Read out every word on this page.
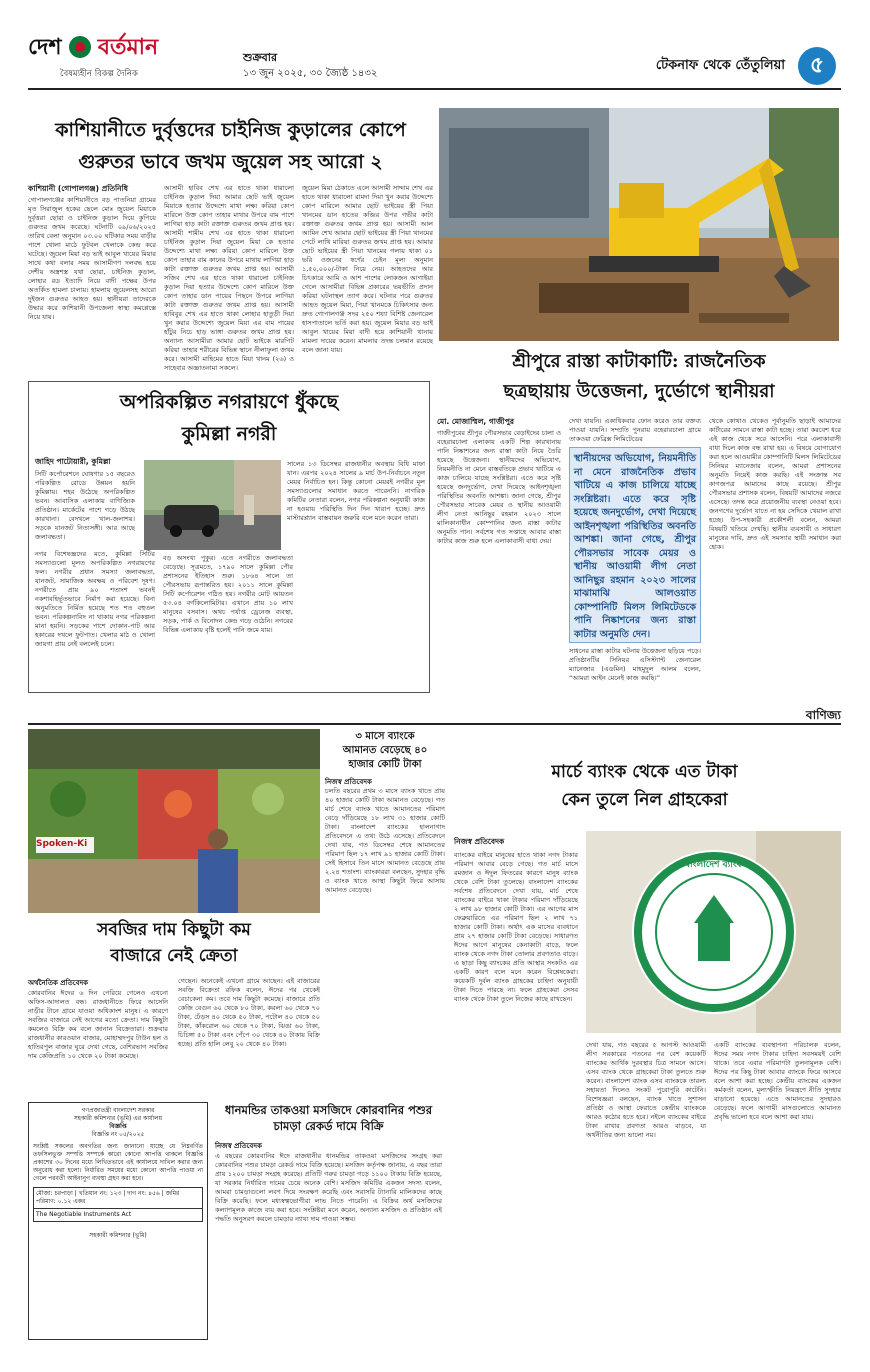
দেশ বর্তমান
বৈষম্যহীন বিকল্প দৈনিক
শুক্রবার
১৩ জুন ২০২৫, ৩০ জ্যৈষ্ঠ ১৪৩২
টেকনাফ থেকে তেঁতুলিয়া	৫
কাশিয়ানীতে দুর্বৃত্তদের চাইনিজ কুড়ালের কোপে
গুরুতর ভাবে জখম জুয়েল সহ আরো ২
কাশিয়ানী (গোপালগঞ্জ) প্রতিনিধি
গোপালগঞ্জের কাশিয়ানীতে বড় পাতনিয়া গ্রামের মৃত সিরাজুল হকের ছেলে মোঃ জুয়েল মিয়াকে দুর্বৃত্তরা ছোরা ও চাইনিজ কুড়াল দিয়ে কুপিয়ে গুরুতর জখম করেছে। ঘটনাটি ০৯/০৬/২০২৫ তারিখ বেলা অনুমান ০৩.০০ ঘটিকার সময় বাড়ীর পাশে খোলা মাঠে ফুটবল খেলাকে কেন্দ্র করে ঘটেছে। জুয়েল মিয়া বড় ভাই আবুল খায়ের মিয়ার সাথে কথা বলার সময় আসামীগণ দলবদ্ধ হয়ে দেশীয় অস্ত্রশস্ত্র যথা ছোরা, চাইনিজ কুড়াল, লোহার রড ইত্যাদি নিয়ে বাদী পক্ষের উপর অতর্কিত হামলা চালায়। হামলায় জুয়েলসহ আরো দুইজন গুরুতর আহত হয়। স্থানীয়রা তাদেরকে উদ্ধার করে কাশিয়ানী উপজেলা স্বাস্থ্য কমপ্লেক্সে নিয়ে যায়।
আসামী হাবিব শেখ এর হাতে থাকা ধারালো চাইনিজ কুড়াল দিয়া আমার ছোট ভাই জুয়েল মিয়াকে হত্যার উদ্দেশ্যে মাথা লক্ষ্য করিয়া কোপ মারিলে উক্ত কোপ তাহার মাথার উপরে বাম পাশে লাগিয়া হাড় কাটা রক্তাক্ত গুরুতর জখম প্রাপ্ত হয়। আসামী শামীম শেখ এর হাতে থাকা ধারালো চাইনিজ কুড়াল দিয়া জুয়েল মিয়া কে হত্যার উদ্দেশ্যে মাথা লক্ষ্য করিয়া কোপ মারিলে উক্ত কোপ তাহার বাম কানের উপরে মাথায় লাগিয়া হাড় কাটা রক্তাক্ত গুরুতর জখম প্রাপ্ত হয়। আসামী সজিব শেখ এর হাতে থাকা ধারালো চাইনিজ কুড়াল দিয়া হত্যার উদ্দেশ্যে কোপ মারিলে উক্ত কোপ তাহার ডান পায়ের পিছনে উপরে লাগিয়া কাটা রক্তাক্ত গুরুতর জখম প্রাপ্ত হয়। আসামী হাবিবুর শেখ এর হাতে থাকা লোহার হাতুড়ী দিয়া খুন করার উদ্দেশ্যে জুয়েল মিয়া এর বাম পায়ের হাঁটুর নিচে হাড় ভাঙ্গা গুরুতর জখম প্রাপ্ত হয়। অন্যান্য আসামীরা আমার ছোট ভাইকে মারপিট করিয়া তাহার শরীরের বিভিন্ন স্থানে নীলাফুলা জখম করে। আসামী মাহিমের হাতে মিয়া খানম (২৬) ও সাহেবার অজ্ঞাতনামা সকলে।
জুয়েল মিয়া ঠেকাতে এলে আসামী সাদ্দাম শেখ এর হাতে থাকা ধারালো রামদা দিয়া খুন করার উদ্দেশ্যে কোপ মারিলে আমার ছোট ভাইয়ের স্ত্রী পিয়া খানমের ডান হাতের কব্জির উপর গভীর কাটা রক্তাক্ত গুরুতর জখম প্রাপ্ত হয়। আসামী আল আমিন শেখ আমার ছোট ভাইয়ের স্ত্রী পিয়া খানমের পেটে লাথি মারিয়া গুরুতর জখম প্রাপ্ত হয়। আমার ছোট ভাইয়ের স্ত্রী পিয়া খানমের গলায় থাকা ০১ ভরি ওজনের স্বর্ণের চেইন মূল্য অনুমান ১,৫০,০০০/-টাকা নিয়ে নেয়। আহতদের আর চিৎকারে আমি ও আশ পাশের লোকজন আগাইয়া গেলে আসামীরা বিভিন্ন প্রকারের ভয়ভীতি প্রদান করিয়া ঘটনাস্থল ত্যাগ করে। ঘটনার পরে গুরুতর আহত জুয়েল মিয়া, পিয়া খানমকে চিকিৎসার জন্য দ্রুত গোপালগঞ্জ সদর ২৫০ শয্যা বিশিষ্ট জেনারেল হাসপাতালে ভর্তি করা হয়। জুয়েল মিয়ার বড় ভাই আবুল খায়ের মিয়া বাদী হয়ে কাশিয়ানী থানায় মামলা দায়ের করেন। মামলার তদন্ত চলমান রয়েছে বলে জানা যায়।
শ্রীপুরে রাস্তা কাটাকাটি: রাজনৈতিক
ছত্রছায়ায় উত্তেজনা, দুর্ভোগে স্থানীয়রা
মো. মোজাম্মিল, গাজীপুর
গাজীপুরের শ্রীপুর পৌরসভার বেড়াইদের চালা ও বহেরারচালা এলাকায় একটি শিল্প কারখানায় পানি নিষ্কাশনের জন্য রাস্তা কাটা নিয়ে তৈরি হয়েছে উত্তেজনা। স্থানীয়দের অভিযোগ, নিয়মনীতি না মেনে বাস্তবতিকে প্রভাব খাটিয়ে এ কাজ চালিয়ে যাচ্ছে সংশ্লিষ্টরা। এতে করে সৃষ্টি হয়েছে জনদুর্ভোগ, দেখা দিয়েছে আইনশৃঙ্খলা পরিস্থিতির অবনতি আশঙ্কা। জানা গেছে, শ্রীপুর পৌরসভার সাবেক মেয়র ও স্থানীয় আওয়ামী লীগ নেতা আনিছুর রহমান ২০২৩ সালে মালিকানাধীন কোম্পানির জন্য রাস্তা কাটার অনুমতি পান। সর্বশেষ গত সপ্তাহে আবার রাস্তা কাটার কাজ শুরু হলে এলাকাবাসী বাধা দেয়।
দেখা যায়নি। একাধিকবার ফোন করেও তার বক্তব্য পাওয়া যায়নি। সম্প্রতি পুনরায় বহেরারচালা গ্রামে তাকওয়া ফেব্রিক্স লিমিটেডের
স্থানীয়দের অভিযোগ, নিয়মনীতি না মেনে রাজনৈতিক প্রভাব খাটিয়ে এ কাজ চালিয়ে যাচ্ছে সংশ্লিষ্টরা। এতে করে সৃষ্টি হয়েছে জনদুর্ভোগ, দেখা দিয়েছে আইনশৃঙ্খলা পরিস্থিতির অবনতি আশঙ্কা। জানা গেছে, শ্রীপুর পৌরসভার সাবেক মেয়র ও স্থানীয় আওয়ামী লীগ নেতা আনিছুর রহমান ২০২৩ সালের মাঝামাঝি আলওয়াত কোম্পানিটি মিলস লিমিটেডকে পানি নিষ্কাশনের জন্য রাস্তা কাটার অনুমতি দেন।
সাধনের রাস্তা কাটার ঘটনায় উত্তেজনা ছড়িয়ে পড়ে। প্রতিষ্ঠানটির সিনিয়র এসিস্ট্যান্ট জেনারেল ম্যানেজার (এডমিন) মাহমুদুল আলম বলেন, “আমরা আইন মেনেই কাজ করছি।”
থেকে কোথাও থেকেও পূর্বানুমতি ছাড়াই আমাদের কার্টারের সামনে রাস্তা কাটা হচ্ছে। তারা করবেশ ধরে এই কাজ থেকে সরে আসেনি। পরে এলাকাবাসী বাধা দিলে কাজ বন্ধ রাখা হয়। এ বিষয়ে যোগাযোগ করা হলে আওয়ামীর কোম্পানিটি মিলস লিমিটেডের সিনিয়র ম্যানেজার বলেন, আমরা প্রশাসনের অনুমতি নিয়েই কাজ করছি। এই সংক্রান্ত সব কাগজপত্র আমাদের কাছে রয়েছে। শ্রীপুর পৌরসভার প্রশাসক বলেন, বিষয়টি আমাদের নজরে এসেছে। তদন্ত করে প্রয়োজনীয় ব্যবস্থা নেওয়া হবে। জনগণের দুর্ভোগ যাতে না হয় সেদিকে খেয়াল রাখা হচ্ছে। উপ-সহকারী প্রকৌশলী বলেন, আমরা বিষয়টি খতিয়ে দেখছি। স্থানীয় ব্যবসায়ী ও সাধারণ মানুষের দাবি, দ্রুত এই সমস্যার স্থায়ী সমাধান করা হোক।
অপরিকল্পিত নগরায়ণে ধুঁকছে
কুমিল্লা নগরী
জাহিদ পাটোয়ারী, কুমিল্লা
সিটি কর্পোরেশনে ঘোষণার ১৫ বছরেও পরিকল্পিত রোডে উন্নয়ন হয়নি কুমিল্লায়। শহর উঠেছে অপরিকল্পিত ভবন। আবাসিক এলাকায় বাণিজ্যিক প্রতিষ্ঠান। মার্কেটের পাশে গড়ে উঠছে কারখানা। বেদখলে খাল-জলাশয়। সড়কে যানজট নিত্যসঙ্গী। আর আছে জলাবদ্ধতা।
নগর বিশেষজ্ঞদের মতে, কুমিল্লা সিটির সমস্যাগুলো মূলত অপরিকল্পিত নগরায়ণের ফল। নগরীর প্রধান সমস্যা জলাবদ্ধতা, যানজট, সামাজিক অবক্ষয় ও পরিবেশ দূষণ। নগরীতে প্রায় ৯০ শতাংশ ভবনই নকশাবহির্ভূতভাবে নির্মাণ করা হয়েছে। বিনা অনুমতিতে নির্মিত হয়েছে শত শত বহুতল ভবন। পরিকল্পনাবিদ না থাকায় নগর পরিকল্পনা মানা হয়নি। সড়কের পাশে দোকান-পাট আর হকারের দখলে ফুটপাত। খেলার মাঠ ও খোলা জায়গা প্রায় নেই বললেই চলে।
বড় অসংখ্য পুকুর। এতে নগরীতে জলাবদ্ধতা বেড়েছে। সূত্রমতে, ১৭৯০ সালে কুমিল্লা পৌর প্রশাসনের ইতিহাস শুরু। ১৮৬৪ সালে তা পৌরসভায় রূপান্তরিত হয়। ২০১১ সালে কুমিল্লা সিটি কর্পোরেশন গঠিত হয়। নগরীর মোট আয়তন ৫৩.০৪ বর্গকিলোমিটার। এখানে প্রায় ১০ লাখ মানুষের বসবাস। অথচ পর্যাপ্ত ড্রেনেজ ব্যবস্থা, সড়ক, পার্ক ও বিনোদন কেন্দ্র গড়ে ওঠেনি। নগরের বিভিন্ন এলাকায় বৃষ্টি হলেই পানি জমে যায়।
সালের ১৩ ডিসেম্বর রাজধানীর অবস্থায় বিধি মাফা যান। এরপর ২০২৪ সালের ৯ মার্চ উপ-নির্বাচনে নতুন মেয়র নির্বাচিত হন। কিন্তু কোনো মেয়রই নগরীর মূল সমস্যাগুলোর সমাধান করতে পারেননি। নাগরিক কমিটির নেতারা বলেন, নগর পরিকল্পনা অনুযায়ী কাজ না হওয়ায় পরিস্থিতি দিন দিন খারাপ হচ্ছে। দ্রুত মাস্টারপ্ল্যান বাস্তবায়ন জরুরি বলে মনে করেন তারা।
বাণিজ্য
Spoken-Ki
৩ মাসে ব্যাংকে
আমানত বেড়েছে ৪০
হাজার কোটি টাকা
নিজস্ব প্রতিবেদক
চলতি বছরের প্রথম ৩ মাসে ব্যাংক খাতে প্রায় ৪০ হাজার কোটি টাকা আমানত বেড়েছে। গত মার্চ শেষে ব্যাংক খাতে আমানতের পরিমাণ বেড়ে দাঁড়িয়েছে ১৮ লাখ ৩১ হাজার কোটি টাকা। বাংলাদেশ ব্যাংকের হালনাগাদ প্রতিবেদনে এ তথ্য উঠে এসেছে। প্রতিবেদনে দেখা যায়, গত ডিসেম্বর শেষে আমানতের পরিমাণ ছিল ১৭ লাখ ৯১ হাজার কোটি টাকা। সেই হিসাবে তিন মাসে আমানত বেড়েছে প্রায় ২.২৪ শতাংশ। ব্যাংকাররা বলছেন, সুদহার বৃদ্ধি ও ব্যাংক খাতে আস্থা কিছুটা ফিরে আসায় আমানত বেড়েছে।
মার্চে ব্যাংক থেকে এত টাকা
কেন তুলে নিল গ্রাহকেরা
নিজস্ব প্রতিবেদক
ব্যাংকের বাইরে মানুষের হাতে থাকা নগদ টাকার পরিমাণ আবার বেড়ে গেছে। গত মার্চ মাসে রমজান ও ঈদুল ফিতরের কারণে মানুষ ব্যাংক থেকে বেশি টাকা তুলেছে। বাংলাদেশ ব্যাংকের সর্বশেষ প্রতিবেদনে দেখা যায়, মার্চ শেষে ব্যাংকের বাইরে থাকা টাকার পরিমাণ দাঁড়িয়েছে ২ লাখ ৯৮ হাজার কোটি টাকা। এর আগের মাস ফেব্রুয়ারিতে এর পরিমাণ ছিল ২ লাখ ৭১ হাজার কোটি টাকা। অর্থাৎ এক মাসের ব্যবধানে প্রায় ২৭ হাজার কোটি টাকা বেড়েছে। সাধারণত ঈদের আগে মানুষের কেনাকাটা বাড়ে, ফলে ব্যাংক থেকে নগদ টাকা তোলার প্রবণতাও বাড়ে। এ ছাড়া কিছু ব্যাংকের প্রতি আস্থার সংকটও এর একটি কারণ বলে মনে করেন বিশ্লেষকেরা। কয়েকটি দুর্বল ব্যাংক গ্রাহকের চাহিদা অনুযায়ী টাকা দিতে পারছে না। ফলে গ্রাহকেরা সেসব ব্যাংক থেকে টাকা তুলে নিজের কাছে রাখছেন।
বাংলাদেশ ব্যাংক
দেখা যায়, গত বছরের ৫ আগস্ট আওয়ামী লীগ সরকারের পতনের পর বেশ কয়েকটি ব্যাংকের আর্থিক দুরবস্থার চিত্র সামনে আসে। এসব ব্যাংক থেকে গ্রাহকেরা টাকা তুলতে শুরু করেন। বাংলাদেশ ব্যাংক এসব ব্যাংককে তারল্য সহায়তা দিলেও সংকট পুরোপুরি কাটেনি। বিশেষজ্ঞরা বলছেন, ব্যাংক খাতে সুশাসন প্রতিষ্ঠা ও আস্থা ফেরাতে কেন্দ্রীয় ব্যাংককে আরও কঠোর হতে হবে। নইলে ব্যাংকের বাইরে টাকা রাখার প্রবণতা আরও বাড়বে, যা অর্থনীতির জন্য ভালো নয়।
একটি ব্যাংকের ব্যবস্থাপনা পরিচালক বলেন, ঈদের সময় নগদ টাকার চাহিদা সবসময়ই বেশি থাকে। তবে এবার পরিমাণটা তুলনামূলক বেশি। ঈদের পর কিছু টাকা আবার ব্যাংকে ফিরে আসবে বলে আশা করা হচ্ছে। কেন্দ্রীয় ব্যাংকের একজন কর্মকর্তা বলেন, মূল্যস্ফীতি নিয়ন্ত্রণে নীতি সুদহার বাড়ানো হয়েছে। এতে আমানতের সুদহারও বেড়েছে। ফলে আগামী মাসগুলোতে আমানত প্রবৃদ্ধি ভালো হবে বলে আশা করা যায়।
সবজির দাম কিছুটা কম
বাজারে নেই ক্রেতা
অর্থনৈতিক প্রতিবেদক
কোরবানির ঈদের ৬ দিন পেরিয়ে গেলেও এখনো অফিস-আদালত বন্ধ। রাজধানীতে ফিরে আসেনি নাড়ীর টানে গ্রামে যাওয়া অধিকাংশ মানুষ। এ কারণে সবজির বাজারে নেই আগের মতো ক্রেতা। দাম কিছুটা কমলেও বিক্রি কম বলে জানান বিক্রেতারা। শুক্রবার রাজধানীর কারওয়ান বাজার, মোহাম্মদপুর টাউন হল ও হাতিরপুল বাজার ঘুরে দেখা গেছে, বেশিরভাগ সবজির দাম কেজিপ্রতি ১০ থেকে ২০ টাকা কমেছে।
গেছেন। অনেকেই এখনো গ্রামে আছেন। এই বাজারের সবজি বিক্রেতা রফিক বলেন, ঈদের পর থেকেই বেচাকেনা কম। তবে দাম কিছুটা কমেছে। বাজারে প্রতি কেজি বেগুন ৬০ থেকে ৮০ টাকা, করলা ৬০ থেকে ৭০ টাকা, ঢেঁড়স ৪০ থেকে ৫০ টাকা, পটোল ৪০ থেকে ৫০ টাকা, কাঁকরোল ৬০ থেকে ৭০ টাকা, ঝিঙা ৬০ টাকা, চিচিঙ্গা ৫০ টাকা এবং পেঁপে ৩০ থেকে ৪০ টাকায় বিক্রি হচ্ছে। প্রতি হালি লেবু ২০ থেকে ৪০ টাকা।
গণপ্রজাতন্ত্রী বাংলাদেশ সরকার
সহকারী কমিশনার (ভূমি) এর কার্যালয়
বিজ্ঞপ্তি
বিজ্ঞপ্তি নং ০৫/২০২৫
সংশ্লিষ্ট সকলের অবগতির জন্য জানানো যাচ্ছে যে নিম্নবর্ণিত তফসিলভুক্ত সম্পত্তি সম্পর্কে কারো কোনো আপত্তি থাকলে বিজ্ঞপ্তি প্রকাশের ৩০ দিনের মধ্যে লিখিতভাবে এই কার্যালয়ে দাখিল করার জন্য অনুরোধ করা হলো। নির্ধারিত সময়ের মধ্যে কোনো আপত্তি পাওয়া না গেলে পরবর্তী আইনানুগ ব্যবস্থা গ্রহণ করা হবে।
মৌজা: চরপাড়া | খতিয়ান নং: ১২৩ | দাগ নং: ৪৫৬ | জমির পরিমাণ: ০.১২ একর
The Negotiable Instruments Act
সহকারী কমিশনার (ভূমি)
ধানমন্ডির তাকওয়া মসজিদে কোরবানির পশুর চামড়া রেকর্ড দামে বিক্রি
নিজস্ব প্রতিবেদক
এ বছরের কোরবানির ঈদে রাজধানীর ধানমন্ডির তাকওয়া মসজিদের সংগ্রহ করা কোরবানির পশুর চামড়া রেকর্ড দামে বিক্রি হয়েছে। মসজিদ কর্তৃপক্ষ জানায়, এ বছর তারা প্রায় ১২০০ চামড়া সংগ্রহ করেছে। প্রতিটি গরুর চামড়া গড়ে ১১০০ টাকায় বিক্রি হয়েছে, যা সরকার নির্ধারিত দামের চেয়ে অনেক বেশি। মসজিদ কমিটির একজন সদস্য বলেন, আমরা চামড়াগুলো লবণ দিয়ে সংরক্ষণ করেছি এবং সরাসরি ট্যানারি মালিকদের কাছে বিক্রি করেছি। ফলে মধ্যস্বত্বভোগীরা লাভ নিতে পারেনি। এ বিক্রির অর্থ মসজিদের কল্যাণমূলক কাজে ব্যয় করা হবে। সংশ্লিষ্টরা মনে করেন, অন্যান্য মসজিদ ও প্রতিষ্ঠান এই পদ্ধতি অনুসরণ করলে চামড়ার ন্যায্য দাম পাওয়া সম্ভব।
